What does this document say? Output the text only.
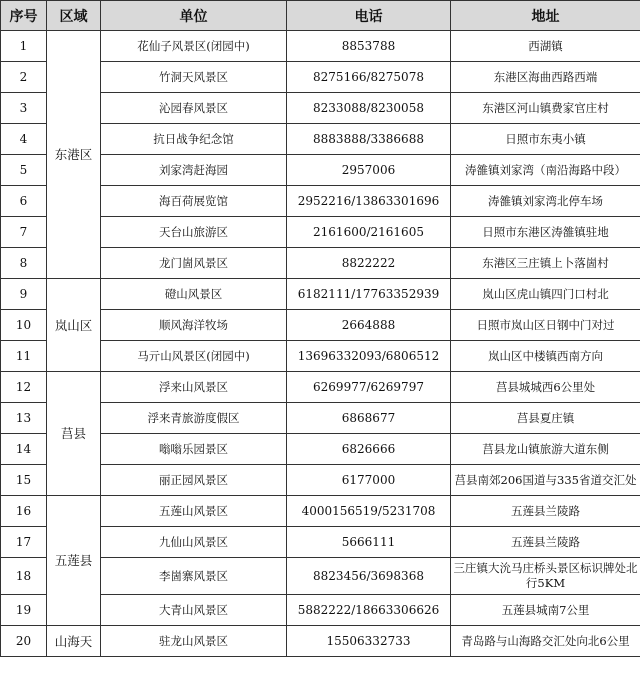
序号	区域	单位	电话	地址
1	东港区	花仙子风景区(闭园中)	8853788	西湖镇
2		竹洞天风景区	8275166/8275078	东港区海曲西路西端
3		沁园春风景区	8233088/8230058	东港区河山镇费家官庄村
4		抗日战争纪念馆	8883888/3386688	日照市东夷小镇
5		刘家湾赶海园	2957006	涛雒镇刘家湾（南沿海路中段）
6		海百荷展览馆	2952216/13863301696	涛雒镇刘家湾北停车场
7		天台山旅游区	2161600/2161605	日照市东港区涛雒镇驻地
8		龙门崮风景区	8822222	东港区三庄镇上卜落崮村
9	岚山区	磴山风景区	6182111/17763352939	岚山区虎山镇四门口村北
10		顺风海洋牧场	2664888	日照市岚山区日钢中门对过
11		马亓山风景区(闭园中)	13696332093/6806512	岚山区中楼镇西南方向
12	莒县	浮来山风景区	6269977/6269797	莒县城城西6公里处
13		浮来青旅游度假区	6868677	莒县夏庄镇
14		嗡嗡乐园景区	6826666	莒县龙山镇旅游大道东侧
15		丽正园风景区	6177000	莒县南郊206国道与335省道交汇处
16	五莲县	五莲山风景区	4000156519/5231708	五莲县兰陵路
17		九仙山风景区	5666111	五莲县兰陵路
18		李崮寨风景区	8823456/3698368	三庄镇大沇马庄桥头景区标识牌处北行5KM
19		大青山风景区	5882222/18663306626	五莲县城南7公里
20	山海天	驻龙山风景区	15506332733	青岛路与山海路交汇处向北6公里
